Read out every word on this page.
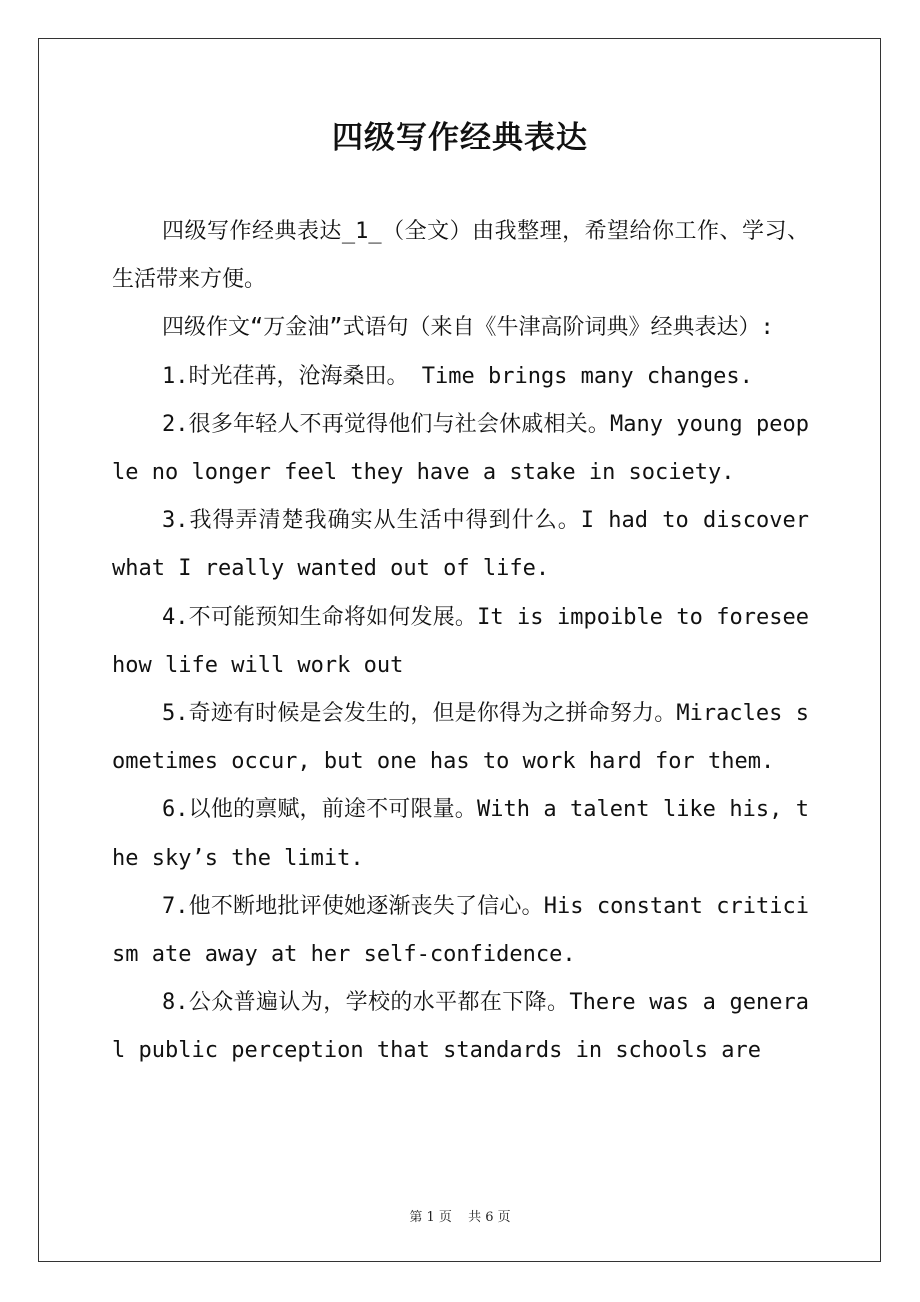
四级写作经典表达

四级写作经典表达_1_（全文）由我整理，希望给你工作、学习、生活带来方便。

四级作文“万金油”式语句（来自《牛津高阶词典》经典表达）:

1.时光荏苒，沧海桑田。 Time brings many changes.

2.很多年轻人不再觉得他们与社会休戚相关。Many young people no longer feel they have a stake in society.

3.我得弄清楚我确实从生活中得到什么。I had to discover what I really wanted out of life.

4.不可能预知生命将如何发展。It is impoible to foresee how life will work out

5.奇迹有时候是会发生的，但是你得为之拼命努力。Miracles sometimes occur, but one has to work hard for them.

6.以他的禀赋，前途不可限量。With a talent like his, the sky’s the limit.

7.他不断地批评使她逐渐丧失了信心。His constant criticism ate away at her self-confidence.

8.公众普遍认为，学校的水平都在下降。There was a general public perception that standards in schools are

第 1 页 共 6 页
